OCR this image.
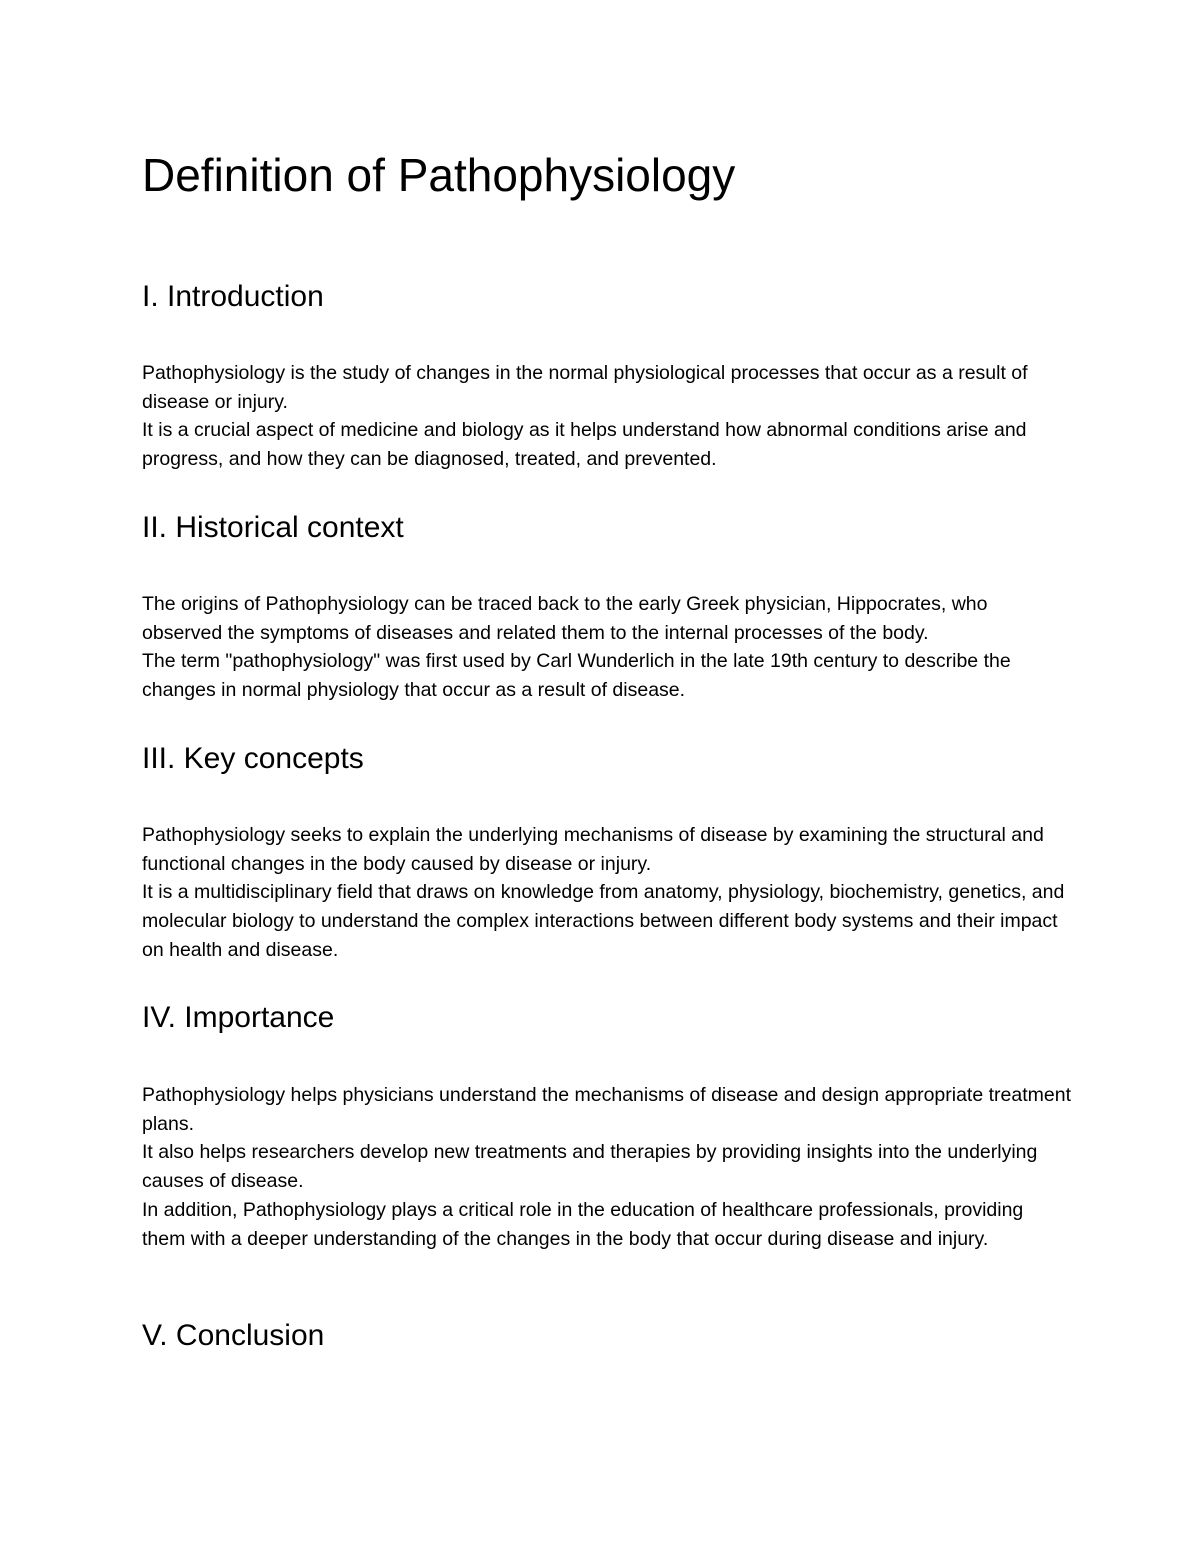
Definition of Pathophysiology
I. Introduction
Pathophysiology is the study of changes in the normal physiological processes that occur as a result of disease or injury.
It is a crucial aspect of medicine and biology as it helps understand how abnormal conditions arise and progress, and how they can be diagnosed, treated, and prevented.
II. Historical context
The origins of Pathophysiology can be traced back to the early Greek physician, Hippocrates, who observed the symptoms of diseases and related them to the internal processes of the body.
The term "pathophysiology" was first used by Carl Wunderlich in the late 19th century to describe the changes in normal physiology that occur as a result of disease.
III. Key concepts
Pathophysiology seeks to explain the underlying mechanisms of disease by examining the structural and functional changes in the body caused by disease or injury.
It is a multidisciplinary field that draws on knowledge from anatomy, physiology, biochemistry, genetics, and molecular biology to understand the complex interactions between different body systems and their impact on health and disease.
IV. Importance
Pathophysiology helps physicians understand the mechanisms of disease and design appropriate treatment plans.
It also helps researchers develop new treatments and therapies by providing insights into the underlying causes of disease.
In addition, Pathophysiology plays a critical role in the education of healthcare professionals, providing them with a deeper understanding of the changes in the body that occur during disease and injury.
V. Conclusion
